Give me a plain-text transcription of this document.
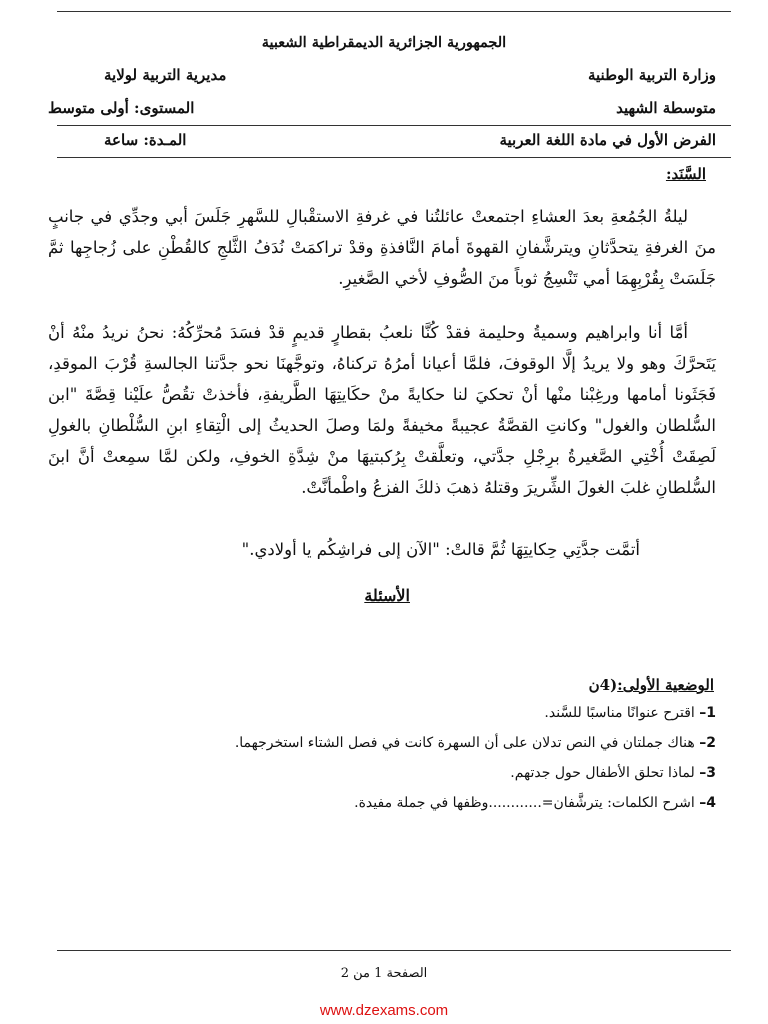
الجمهورية الجزائرية الديمقراطية الشعبية
وزارة التربية الوطنية
مديرية التربية لولاية
متوسطة الشهيد
المستوى: أولى متوسط
الفرض الأول في مادة اللغة العربية
المـدة: ساعة
السَّنَد:
ليلةُ الجُمُعةِ بعدَ العشاءِ اجتمعتْ عائلتُنا في غرفةِ الاستقْبالِ للسَّهرِ جَلَسَ أبي وجدِّي في جانبٍ منَ الغرفةِ يتحدَّثانِ ويترشَّفانِ القهوةَ أمامَ النَّافذةِ وقدْ تراكمَتْ نُدَفُ الثَّلجِ كالقُطْنِ على زُجاجِها ثمَّ جَلَسَتْ بِقُرْبِهِمَا أمي تَنْسِجُ ثوباً منَ الصُّوفِ لأخي الصَّغيرِ.
أمَّا أنا وابراهيم وسميةُ وحليمة فقدْ كُنَّا نلعبُ بقطارٍ قديمٍ قدْ فسَدَ مُحرِّكُهُ: نحنُ نريدُ منْهُ أنْ يَتَحرَّكَ وهو ولا يريدُ إلَّا الوقوفَ، فلمَّا أعيانا أمرُهُ تركناهُ، وتوجَّهنَا نحو جدَّتنا الجالسةِ قُرْبَ الموقدِ، فَجَثَونا أمامها ورغِبْنا منْها أنْ تحكيَ لنا حكايةً منْ حكَايتِهَا الطَّريفةِ، فأخذتْ تقُصُّ علَيْنا قِصَّةَ "ابن السُّلطان والغول" وكانتِ القصَّةُ عجيبةً مخيفةً ولمَا وصلَ الحديثُ إلى الْتِقاءِ ابنِ السُّلْطانِ بالغولِ لَصِقَتْ أُخْتِي الصَّغيرةُ برِجْلِ جدَّتي، وتعلَّقتْ بِرُكبتيهَا منْ شِدَّةِ الخوفِ، ولكن لمَّا سمِعتْ أنَّ ابنَ السُّلطانِ غلبَ الغولَ الشِّريرَ وقتلهُ ذهبَ ذلكَ الفزعُ واطْمأنَّتْ.
أتمَّت جدَّتِي حِكايتِهَا ثُمَّ قالتْ: "الآن إلى فراشِكُم يا أولادي."
الأسئلة
الوضعية الأولى:(4ن
1– اقترح عنوانًا مناسبًا للسَّند.
2– هناك جملتان في النص تدلان على أن السهرة كانت في فصل الشتاء استخرجهما.
3– لماذا تحلق الأطفال حول جدتهم.
4– اشرح الكلمات: يترشَّفان=............وظفها في جملة مفيدة.
الصفحة 1 من 2
www.dzexams.com
